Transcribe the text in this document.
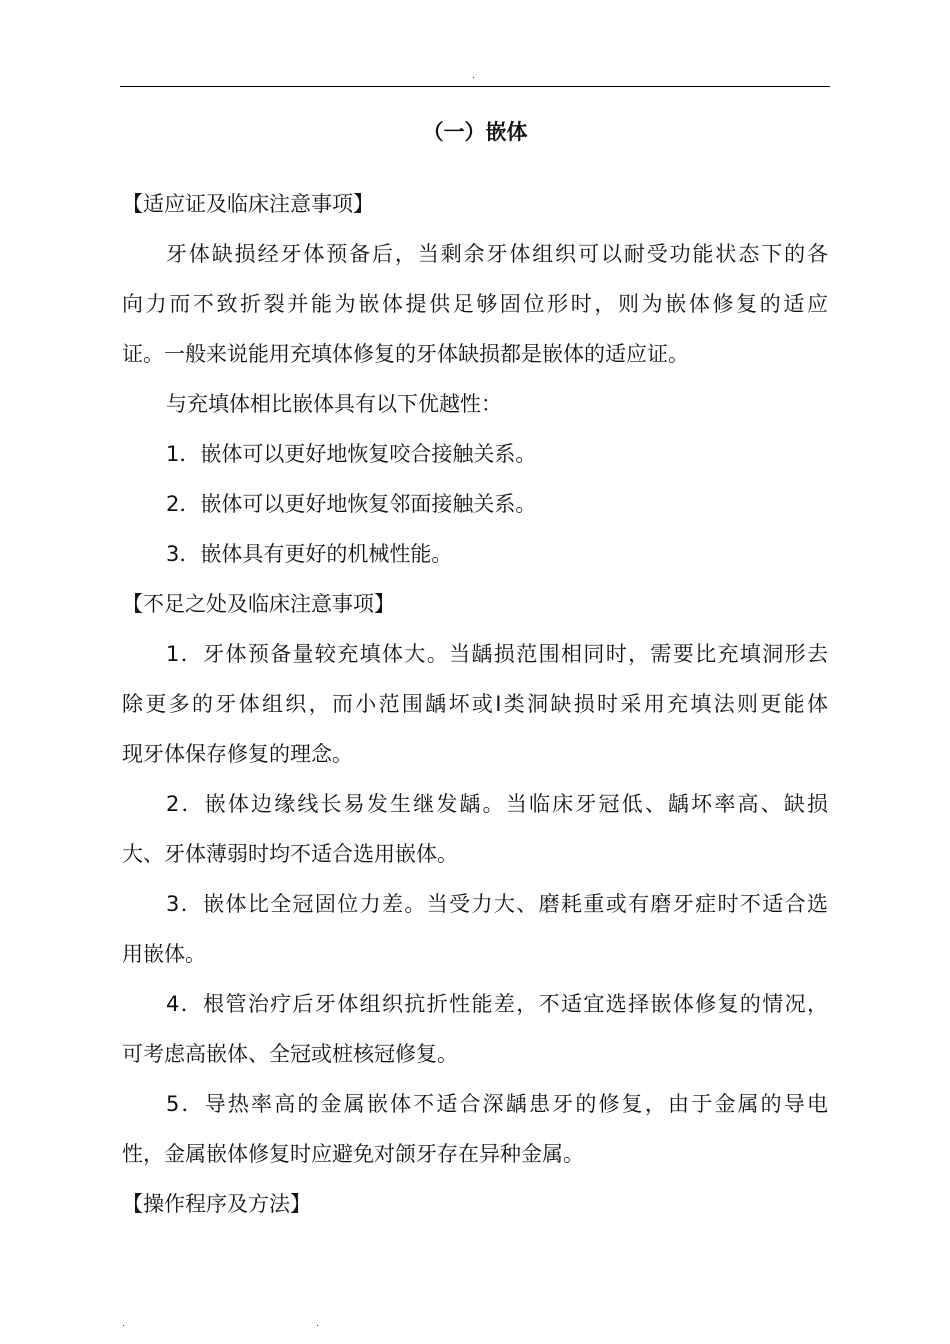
.
（一）嵌体
【适应证及临床注意事项】
牙体缺损经牙体预备后，当剩余牙体组织可以耐受功能状态下的各
向力而不致折裂并能为嵌体提供足够固位形时，则为嵌体修复的适应
证。一般来说能用充填体修复的牙体缺损都是嵌体的适应证。
与充填体相比嵌体具有以下优越性：
1．嵌体可以更好地恢复咬合接触关系。
2．嵌体可以更好地恢复邻面接触关系。
3．嵌体具有更好的机械性能。
【不足之处及临床注意事项】
1．牙体预备量较充填体大。当龋损范围相同时，需要比充填洞形去
除更多的牙体组织，而小范围龋坏或Ⅰ类洞缺损时采用充填法则更能体
现牙体保存修复的理念。
2．嵌体边缘线长易发生继发龋。当临床牙冠低、龋坏率高、缺损
大、牙体薄弱时均不适合选用嵌体。
3．嵌体比全冠固位力差。当受力大、磨耗重或有磨牙症时不适合选
用嵌体。
4．根管治疗后牙体组织抗折性能差，不适宜选择嵌体修复的情况，
可考虑高嵌体、全冠或桩核冠修复。
5．导热率高的金属嵌体不适合深龋患牙的修复，由于金属的导电
性，金属嵌体修复时应避免对颌牙存在异种金属。
【操作程序及方法】
.	.
